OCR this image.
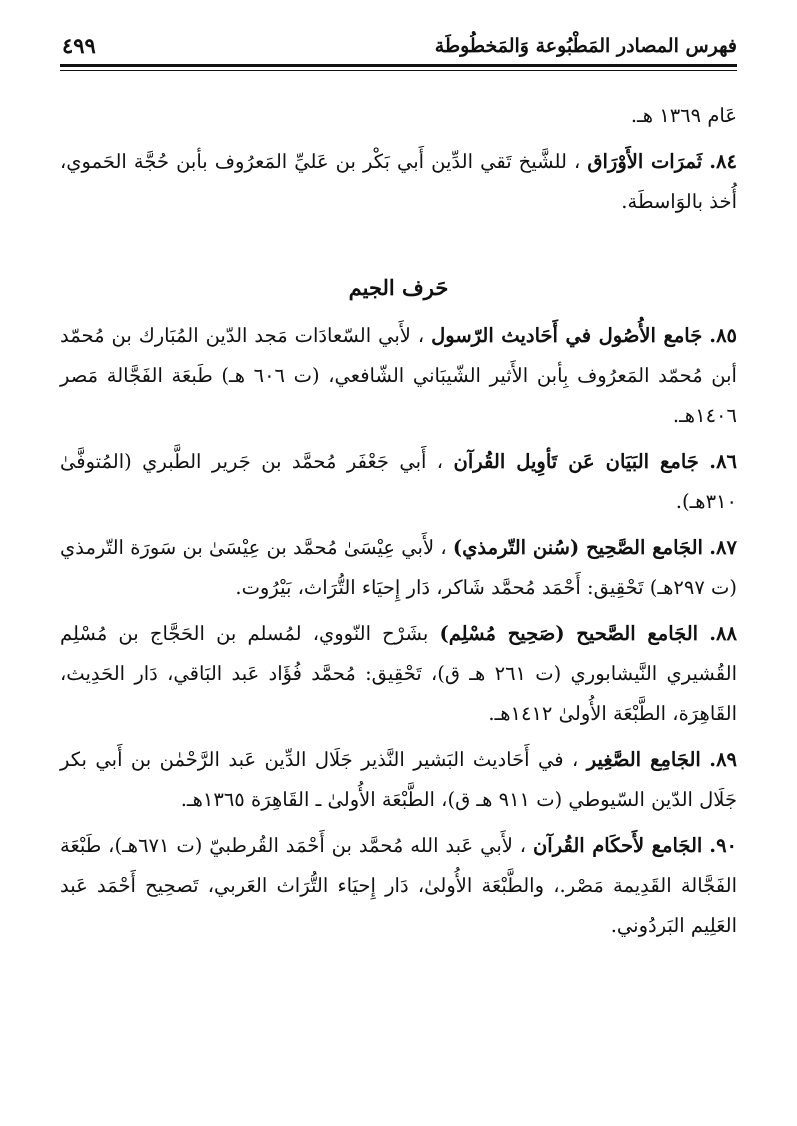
فهرس المصادر المَطْبُوعة وَالمَخطُوطَة
٤٩٩

عَام ١٣٦٩ هـ.

٨٤. ثَمرَات الأَوْرَاق ، للشَّيخ تَقي الدِّين أَبي بَكْر بن عَليِّ المَعرُوف بأبن حُجَّة الحَموي، أُخذ بالوَاسطَة.

حَرف الجيم

٨٥. جَامع الأُصُول في أَحَاديث الرّسول ، لأَبي السّعادَات مَجد الدّين المُبَارك بن مُحمّد أبن مُحمّد المَعرُوف بِأبن الأَثير الشّيبَاني الشّافعي، (ت ٦٠٦ هـ) طَبعَة الفَجَّالة مَصر ١٤٠٦هـ.

٨٦. جَامع البَيَان عَن تَأوِيل القُرآن ، أَبي جَعْفَر مُحمَّد بن جَرير الطَّبري (المُتوفَّىٰ ٣١٠هـ).

٨٧. الجَامع الصَّحِيح (سُنن التّرمذي) ، لأَبي عِيْسَىٰ مُحمَّد بن عِيْسَىٰ بن سَورَة التّرمذي (ت ٢٩٧هـ) تَحْقِيق: أَحْمَد مُحمَّد شَاكر، دَار إِحيَاء التُّرَاث، بَيْرُوت.

٨٨. الجَامع الصَّحيح (صَحِيح مُسْلِم) بشَرْح النّووي، لمُسلم بن الحَجَّاج بن مُسْلِم القُشيري النَّيشابوري (ت ٢٦١ هـ ق)، تَحْقِيق: مُحمَّد فُؤَاد عَبد البَاقي، دَار الحَدِيث، القَاهِرَة، الطَّبْعَة الأُولىٰ ١٤١٢هـ.

٨٩. الجَامِع الصَّغِير ، في أَحَاديث البَشير النَّذير جَلَال الدِّين عَبد الرَّحْمٰن بن أَبي بكر جَلَال الدّين السّيوطي (ت ٩١١ هـ ق)، الطَّبْعَة الأُولىٰ ـ القَاهِرَة ١٣٦٥هـ.

٩٠. الجَامع لأَحكَام القُرآن ، لأَبي عَبد الله مُحمَّد بن أَحْمَد القُرطبيّ (ت ٦٧١هـ)، طَبْعَة الفَجَّالة القَدِيمة مَصْر.، والطَّبْعَة الأُولىٰ، دَار إِحيَاء التُّرَاث العَربي، تَصحِيح أَحْمَد عَبد العَلِيم البَردُوني.
